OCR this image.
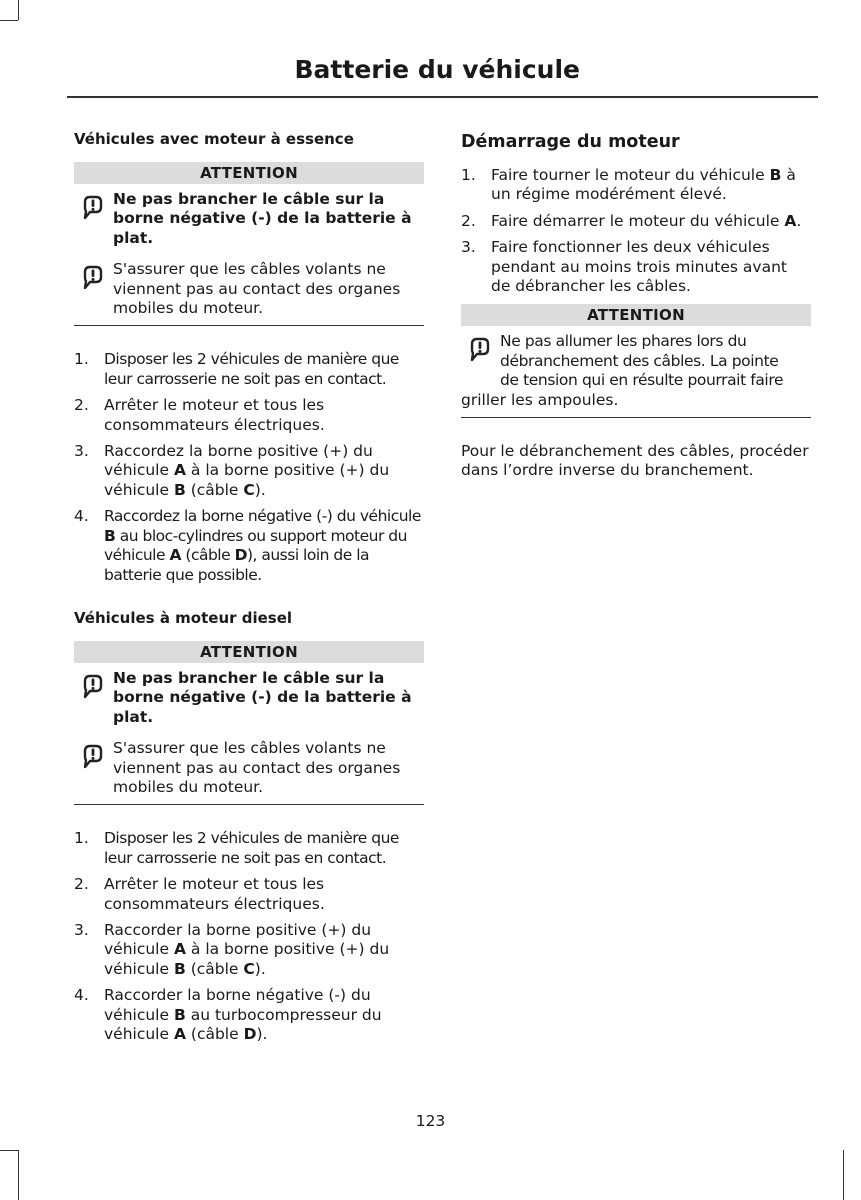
Batterie du véhicule
Véhicules avec moteur à essence
ATTENTION
Ne pas brancher le câble sur la borne négative (-) de la batterie à plat.
S'assurer que les câbles volants ne viennent pas au contact des organes mobiles du moteur.
1. Disposer les 2 véhicules de manière que leur carrosserie ne soit pas en contact.
2. Arrêter le moteur et tous les consommateurs électriques.
3. Raccordez la borne positive (+) du véhicule A à la borne positive (+) du véhicule B (câble C).
4. Raccordez la borne négative (-) du véhicule B au bloc-cylindres ou support moteur du véhicule A (câble D), aussi loin de la batterie que possible.
Véhicules à moteur diesel
ATTENTION
Ne pas brancher le câble sur la borne négative (-) de la batterie à plat.
S'assurer que les câbles volants ne viennent pas au contact des organes mobiles du moteur.
1. Disposer les 2 véhicules de manière que leur carrosserie ne soit pas en contact.
2. Arrêter le moteur et tous les consommateurs électriques.
3. Raccorder la borne positive (+) du véhicule A à la borne positive (+) du véhicule B (câble C).
4. Raccorder la borne négative (-) du véhicule B au turbocompresseur du véhicule A (câble D).
Démarrage du moteur
1. Faire tourner le moteur du véhicule B à un régime modérément élevé.
2. Faire démarrer le moteur du véhicule A.
3. Faire fonctionner les deux véhicules pendant au moins trois minutes avant de débrancher les câbles.
ATTENTION
Ne pas allumer les phares lors du
débranchement des câbles. La pointe
de tension qui en résulte pourrait faire
griller les ampoules.
Pour le débranchement des câbles, procéder dans l’ordre inverse du branchement.
123
